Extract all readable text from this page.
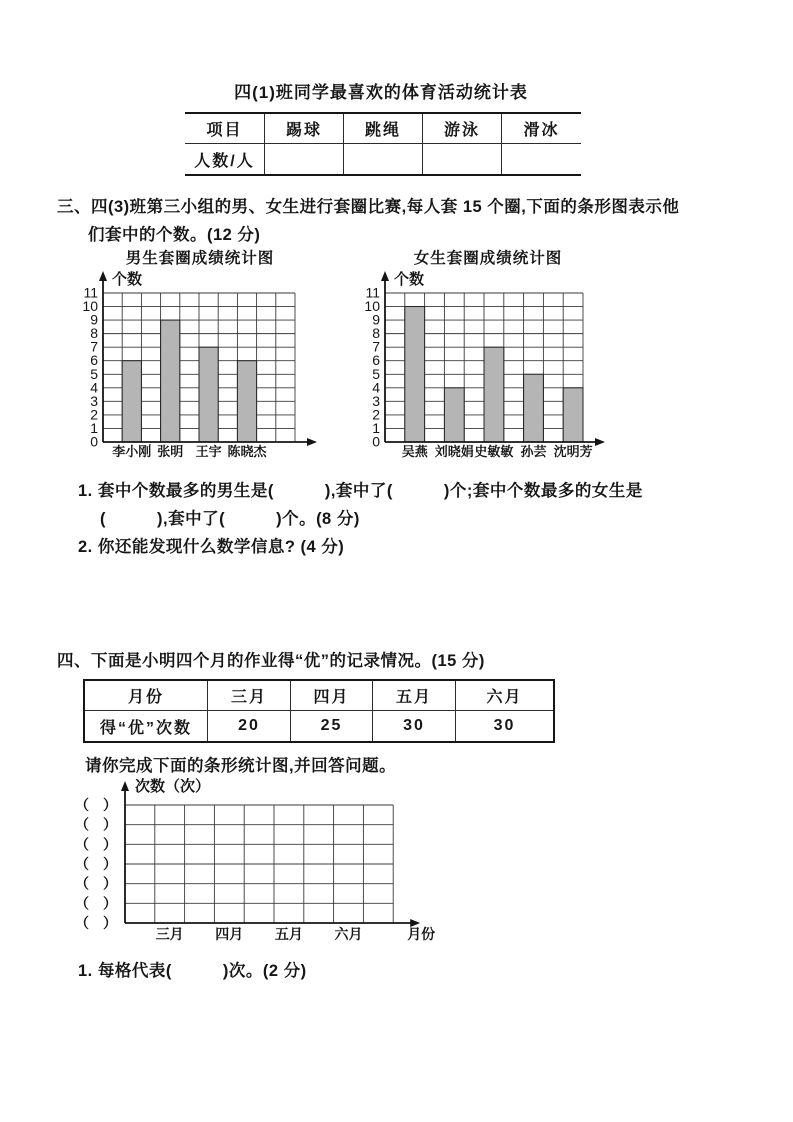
四(1)班同学最喜欢的体育活动统计表
项目	踢球	跳绳	游泳	滑冰
人数/人				
三、四(3)班第三小组的男、女生进行套圈比赛,每人套 15 个圈,下面的条形图表示他
们套中的个数。(12 分)
男生套圈成绩统计图	女生套圈成绩统计图
0
1
2
3
4
5
6
7
8
9
10
11
个数
李小刚 张明 王宇 陈晓杰
0
1
2
3
4
5
6
7
8
9
10
11
个数
吴燕 刘晓娟 史敏敏 孙芸 沈明芳
1. 套中个数最多的男生是(　　　),套中了(　　　)个;套中个数最多的女生是
(　　　),套中了(　　　)个。(8 分)
2. 你还能发现什么数学信息? (4 分)
四、下面是小明四个月的作业得“优”的记录情况。(15 分)
月份	三月	四月	五月	六月
得“优”次数	20	25	30	30
请你完成下面的条形统计图,并回答问题。
（　）
（　）
（　）
（　）
（　）
（　）
（　）
三月 四月 五月 六月	月份
次数（次）
1. 每格代表(　　　)次。(2 分)
